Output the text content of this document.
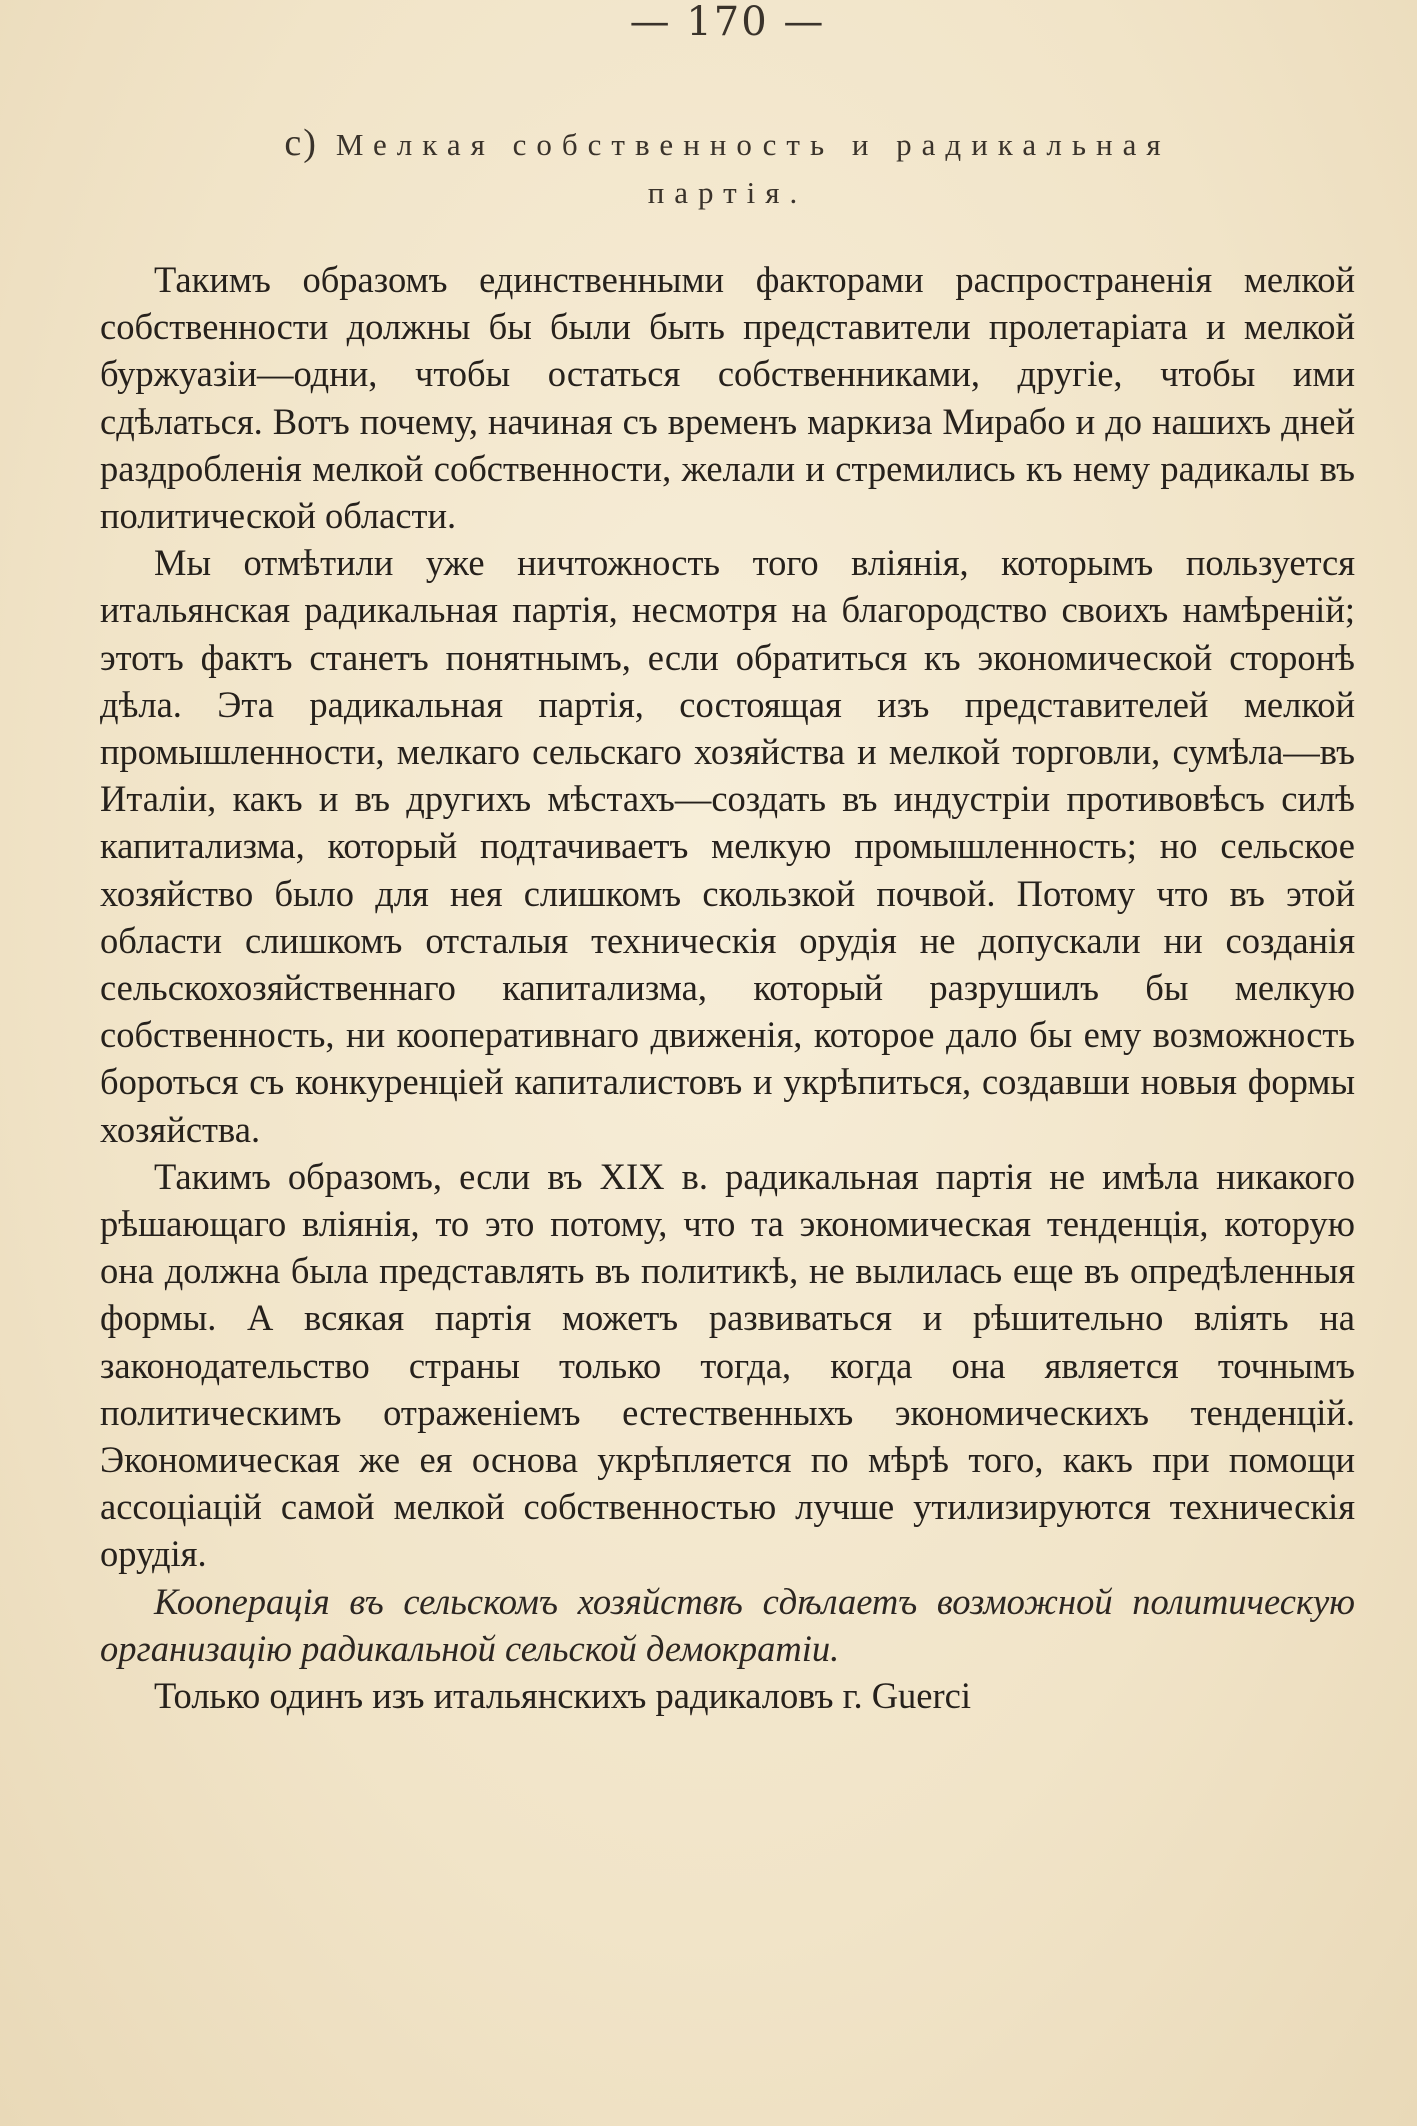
— 170 —
c) Мелкая собственность и радикальная
партія.

Такимъ образомъ единственными факторами распространенія мелкой собственности должны бы были быть представители пролетаріата и мелкой буржуазіи—одни, чтобы остаться собственниками, другіе, чтобы ими сдѣлаться. Вотъ почему, начиная съ временъ маркиза Мирабо и до нашихъ дней раздробленія мелкой собственности, желали и стремились къ нему радикалы въ политической области.

Мы отмѣтили уже ничтожность того вліянія, которымъ пользуется итальянская радикальная партія, несмотря на благородство своихъ намѣреній; этотъ фактъ станетъ понятнымъ, если обратиться къ экономической сторонѣ дѣла. Эта радикальная партія, состоящая изъ представителей мелкой промышленности, мелкаго сельскаго хозяйства и мелкой торговли, сумѣла—въ Италіи, какъ и въ другихъ мѣстахъ—создать въ индустріи противовѣсъ силѣ капитализма, который подтачиваетъ мелкую промышленность; но сельское хозяйство было для нея слишкомъ скользкой почвой. Потому что въ этой области слишкомъ отсталыя техническія орудія не допускали ни созданія сельскохозяйственнаго капитализма, который разрушилъ бы мелкую собственность, ни кооперативнаго движенія, которое дало бы ему возможность бороться съ конкуренціей капиталистовъ и укрѣпиться, создавши новыя формы хозяйства.

Такимъ образомъ, если въ XIX в. радикальная партія не имѣла никакого рѣшающаго вліянія, то это потому, что та экономическая тенденція, которую она должна была представлять въ политикѣ, не вылилась еще въ опредѣленныя формы. А всякая партія можетъ развиваться и рѣшительно влiять на законодательство страны только тогда, когда она является точнымъ политическимъ отраженіемъ естественныхъ экономическихъ тенденцій. Экономическая же ея основа укрѣпляется по мѣрѣ того, какъ при помощи ассоціацій самой мелкой собственностью лучше утилизируются техническія орудія.

Кооперація въ сельскомъ хозяйствѣ сдѣлаетъ возможной политическую организацію радикальной сельской демократіи.

Только одинъ изъ итальянскихъ радикаловъ г. Guerci
